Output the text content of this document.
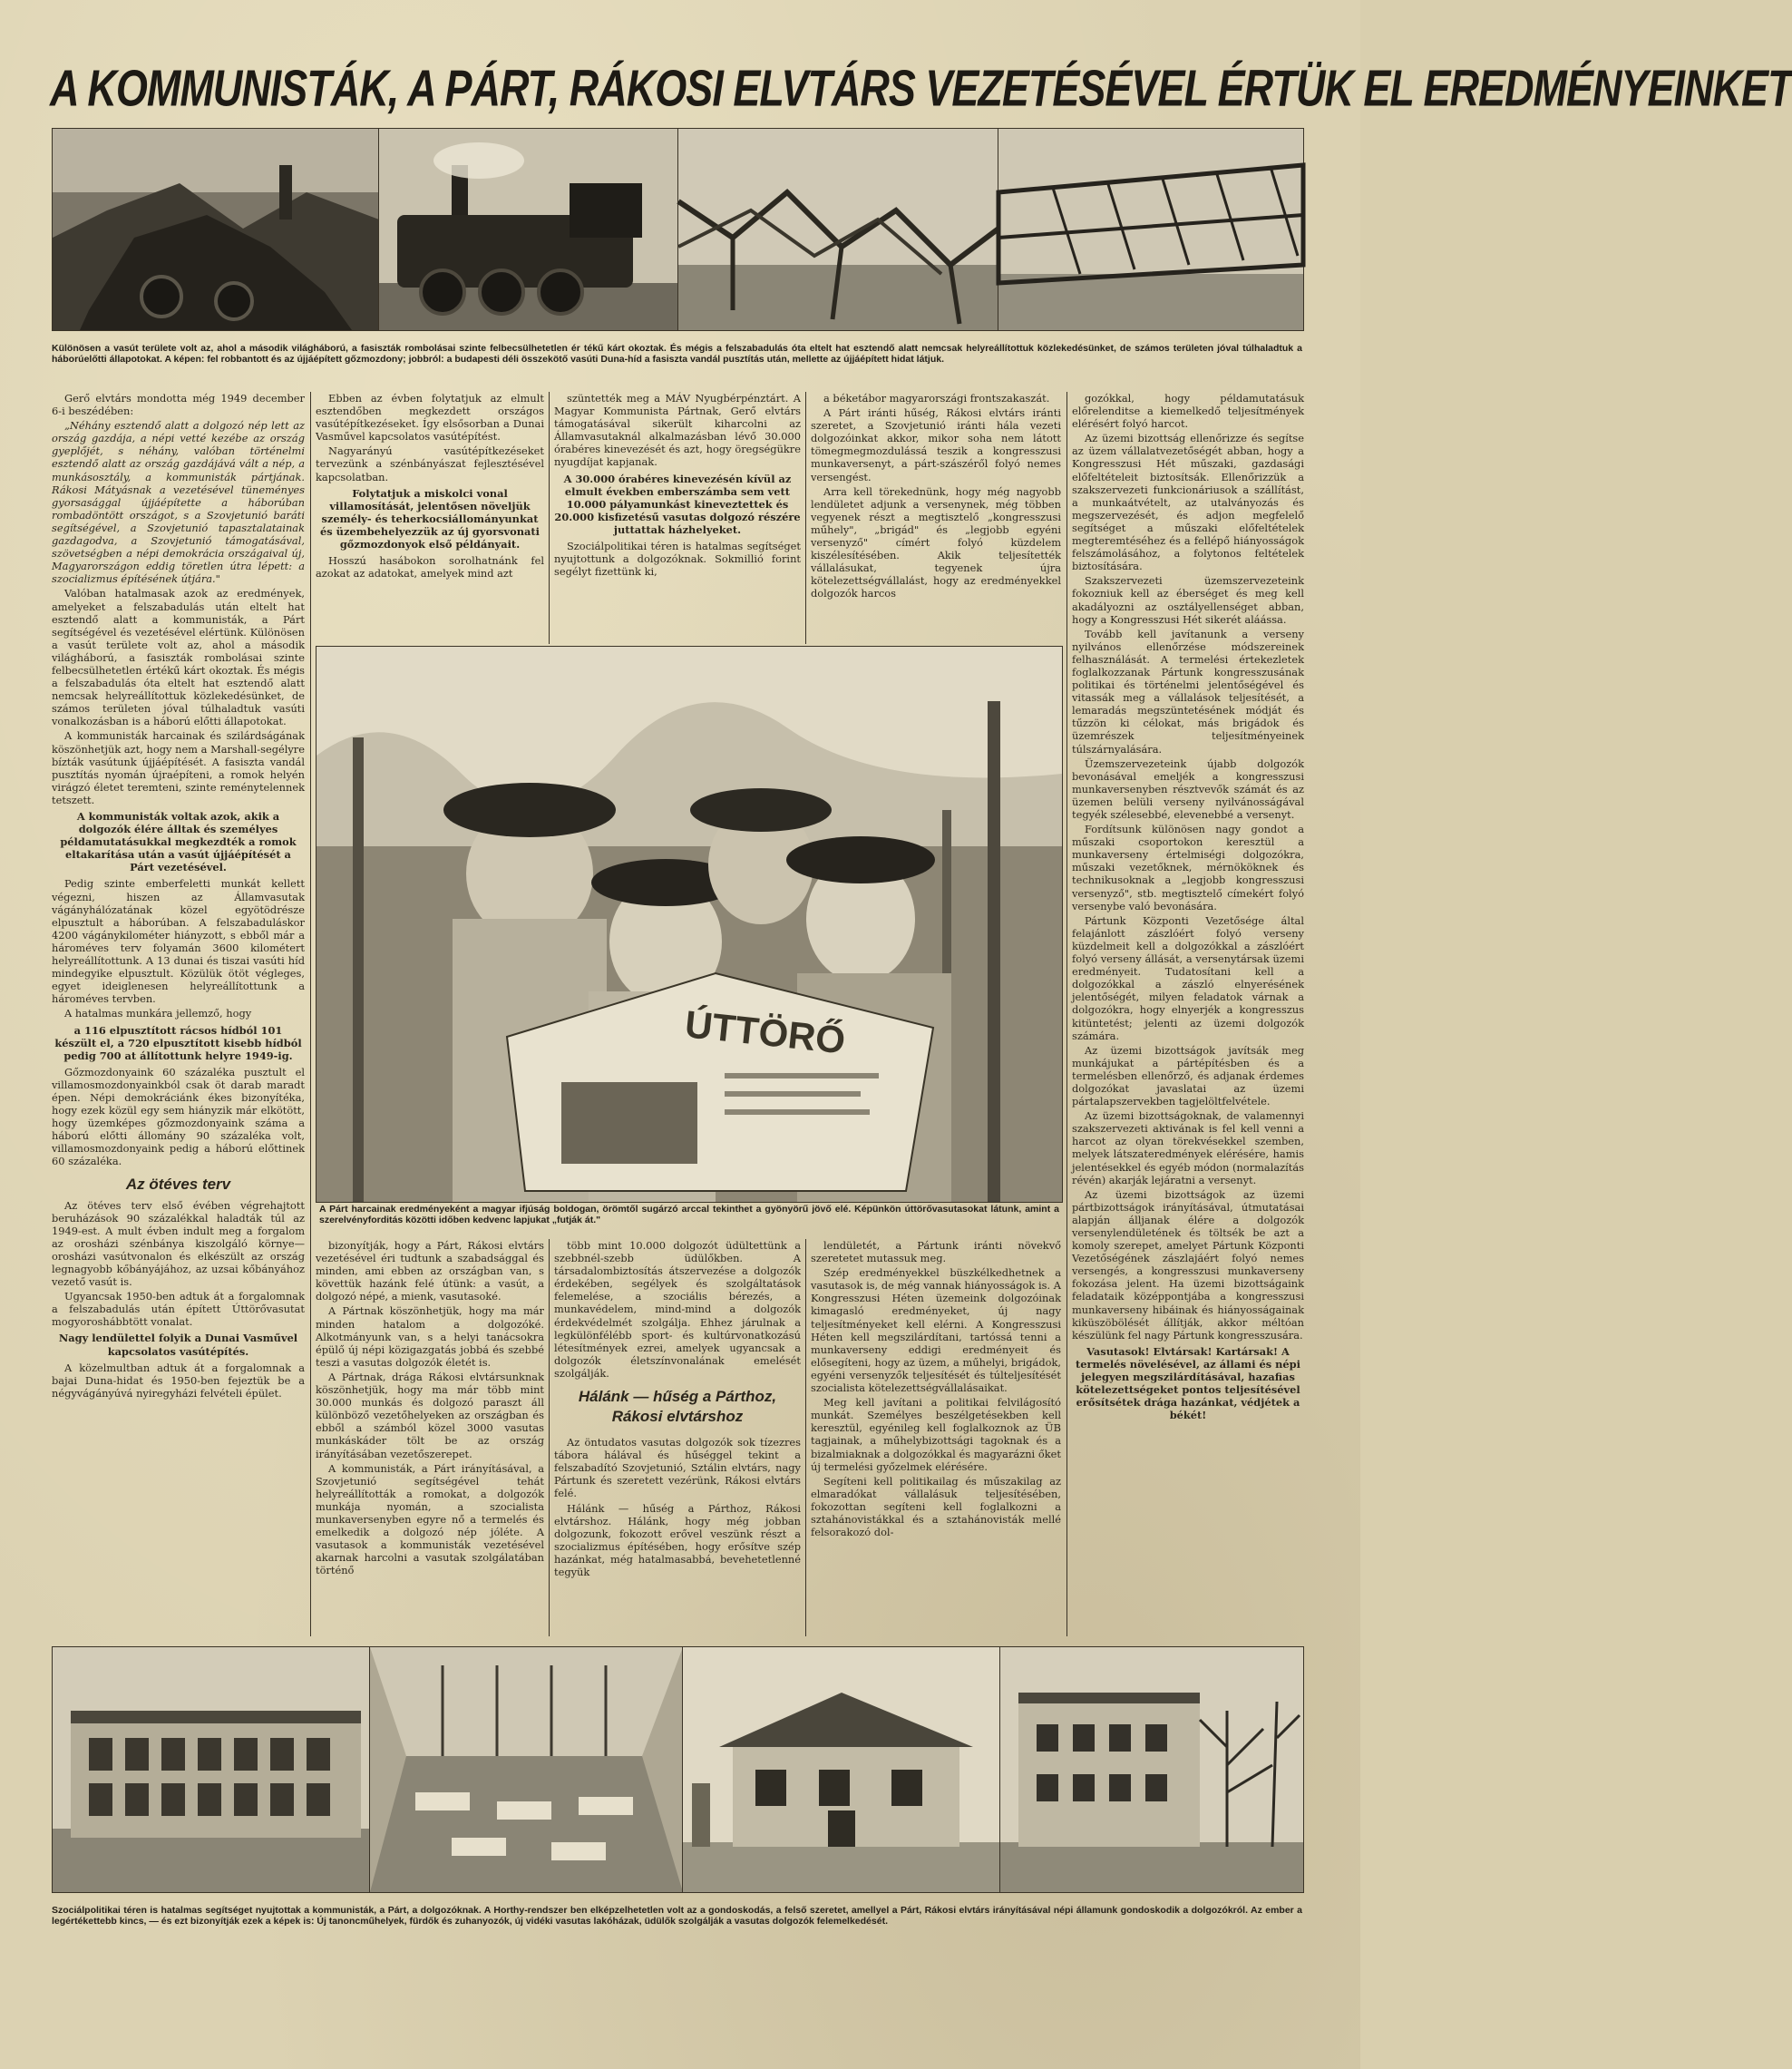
A KOMMUNISTÁK, A PÁRT, RÁKOSI ELVTÁRS VEZETÉSÉVEL ÉRTÜK EL EREDMÉNYEINKET
Különösen a vasút területe volt az, ahol a második világháború, a fasiszták rombolásai szinte felbecsülhetetlen ér tékű kárt okoztak. És mégis a felszabadulás óta eltelt hat esztendő alatt nemcsak helyreállítottuk közlekedésünket, de számos területen jóval túlhaladtuk a háborúelőtti állapotokat. A képen: fel robbantott és az újjáépített gőzmozdony; jobbról: a budapesti déli összekötő vasúti Duna-híd a fasiszta vandál pusztítás után, mellette az újjáépített hidat látjuk.

Gerő elvtárs mondotta még 1949 december 6-i beszédében:

„Néhány esztendő alatt a dolgozó nép lett az ország gazdája, a népi vetté kezébe az ország gyeplőjét, s néhány, valóban történelmi esztendő alatt az ország gazdájává vált a nép, a munkásosztály, a kommunisták pártjának. Rákosi Mátyásnak a vezetésével tüneményes gyorsasággal újjáépítette a háborúban rombadöntött országot, s a Szovjetunió baráti segítségével, a Szovjetunió tapasztalatainak gazdagodva, a Szovjetunió támogatásával, szövetségben a népi demokrácia országaival új, Magyarországon eddig töretlen útra lépett: a szocializmus építésének útjára."

Valóban hatalmasak azok az eredmények, amelyeket a felszabadulás után eltelt hat esztendő alatt a kommunisták, a Párt segítségével és vezetésével elértünk. Különösen a vasút területe volt az, ahol a második világháború, a fasiszták rombolásai szinte felbecsülhetetlen értékű kárt okoztak. És mégis a felszabadulás óta eltelt hat esztendő alatt nemcsak helyreállítottuk közlekedésünket, de számos területen jóval túlhaladtuk vasúti vonalkozásban is a háború előtti állapotokat.

A kommunisták harcainak és szilárdságának köszönhetjük azt, hogy nem a Marshall-segélyre bízták vasútunk újjáépítését. A fasiszta vandál pusztítás nyomán újraépíteni, a romok helyén virágzó életet teremteni, szinte reménytelennek tetszett.

A kommunisták voltak azok, akik a dolgozók élére álltak és személyes példamutatásukkal megkezdték a romok eltakarítása után a vasút újjáépítését a Párt vezetésével.

Pedig szinte emberfeletti munkát kellett végezni, hiszen az Államvasutak vágányhálózatának közel egyötödrésze elpusztult a háborúban. A felszabaduláskor 4200 vágánykilométer hiányzott, s ebből már a hároméves terv folyamán 3600 kilométert helyreállítottunk. A 13 dunai és tiszai vasúti híd mindegyike elpusztult. Közülük ötöt végleges, egyet ideiglenesen helyreállítottunk a hároméves tervben.

A hatalmas munkára jellemző, hogy

a 116 elpusztított rácsos hídból 101 készült el, a 720 elpusztított kisebb hídból pedig 700 at állítottunk helyre 1949-ig.

Gőzmozdonyaink 60 százaléka pusztult el villamosmozdonyainkból csak öt darab maradt épen. Népi demokráciánk ékes bizonyítéka, hogy ezek közül egy sem hiányzik már elkötött, hogy üzemképes gőzmozdonyaink száma a háború előtti állomány 90 százaléka volt, villamosmozdonyaink pedig a háború előttinek 60 százaléka.

Az ötéves terv

Az ötéves terv első évében végrehajtott beruházások 90 százalékkal haladták túl az 1949-est. A mult évben indult meg a forgalom az orosházi szénbánya kiszolgáló környe—orosházi vasútvonalon és elkészült az ország legnagyobb kőbányájához, az uzsai kőbányához vezető vasút is.

Ugyancsak 1950-ben adtuk át a forgalomnak a felszabadulás után épített Úttörővasutat mogyoroshábbtött vonalat.

Nagy lendülettel folyik a Dunai Vasművel kapcsolatos vasútépítés.

A közelmultban adtuk át a forgalomnak a bajai Duna-hidat és 1950-ben fejeztük be a négyvágányúvá nyiregyházi felvételi épület.

Ebben az évben folytatjuk az elmult esztendőben megkezdett országos vasútépítkezéseket. Így elsősorban a Dunai Vasművel kapcsolatos vasútépítést.

Nagyarányú vasútépítkezéseket tervezünk a szénbányászat fejlesztésével kapcsolatban.

Folytatjuk a miskolci vonal villamosítását, jelentősen növeljük személy- és teherkocsiállományunkat és üzembehelyezzük az új gyorsvonati gőzmozdonyok első példányait.

Hosszú hasábokon sorolhatnánk fel azokat az adatokat, amelyek mind azt

szüntették meg a MÁV Nyugbérpénztárt. A Magyar Kommunista Pártnak, Gerő elvtárs támogatásával sikerült kiharcolni az Államvasutaknál alkalmazásban lévő 30.000 órabéres kinevezését és azt, hogy öregségükre nyugdíjat kapjanak.

A 30.000 órabéres kinevezésén kívül az elmult években emberszámba sem vett 10.000 pályamunkást kineveztettek és 20.000 kisfizetésű vasutas dolgozó részére juttattak házhelyeket.

Szociálpolitikai téren is hatalmas segítséget nyujtottunk a dolgozóknak. Sokmillió forint segélyt fizettünk ki,

a béketábor magyarországi frontszakaszát.

A Párt iránti hűség, Rákosi elvtárs iránti szeretet, a Szovjetunió iránti hála vezeti dolgozóinkat akkor, mikor soha nem látott tömegmegmozdulássá teszik a kongresszusi munkaversenyt, a párt-szászéről folyó nemes versengést.

Arra kell törekednünk, hogy még nagyobb lendületet adjunk a versenynek, még többen vegyenek részt a megtisztelő „kongresszusi műhely", „brigád" és „legjobb egyéni versenyző" címért folyó küzdelem kiszélesítésében. Akik teljesítették vállalásukat, tegyenek újra kötelezettségvállalást, hogy az eredményekkel dolgozók harcos

gozókkal, hogy példamutatásuk előrelenditse a kiemelkedő teljesítmények elérésért folyó harcot.

Az üzemi bizottság ellenőrizze és segítse az üzem vállalatvezetőségét abban, hogy a Kongresszusi Hét műszaki, gazdasági előfeltételeit biztosítsák. Ellenőrizzük a szakszervezeti funkcionáriusok a szállítást, a munkaátvételt, az utalványozás és megszervezését, és adjon megfelelő segítséget a műszaki előfeltételek megteremtéséhez és a fellépő hiányosságok felszámolásához, a folytonos feltételek biztosítására.

Szakszervezeti üzemszervezeteink fokozniuk kell az éberséget és meg kell akadályozni az osztályellenséget abban, hogy a Kongresszusi Hét sikerét aláássa.

Tovább kell javítanunk a verseny nyilvános ellenőrzése módszereinek felhasználását. A termelési értekezletek foglalkozzanak Pártunk kongresszusának politikai és történelmi jelentőségével és vitassák meg a vállalások teljesítését, a lemaradás megszüntetésének módját és tűzzön ki célokat, más brigádok és üzemrészek teljesítményeinek túlszárnyalására.

Üzemszervezeteink újabb dolgozók bevonásával emeljék a kongresszusi munkaversenyben résztvevők számát és az üzemen belüli verseny nyilvánosságával tegyék szélesebbé, elevenebbé a versenyt.

Fordítsunk különösen nagy gondot a műszaki csoportokon keresztül a munkaverseny értelmiségi dolgozókra, műszaki vezetőknek, mérnököknek és technikusoknak a „legjobb kongresszusi versenyző", stb. megtisztelő címekért folyó versenybe való bevonására.

Pártunk Központi Vezetősége által felajánlott zászlóért folyó verseny küzdelmeit kell a dolgozókkal a zászlóért folyó verseny állását, a versenytársak üzemi eredményeit. Tudatosítani kell a dolgozókkal a zászló elnyerésének jelentőségét, milyen feladatok várnak a dolgozókra, hogy elnyerjék a kongresszus kitüntetést; jelenti az üzemi dolgozók számára.

Az üzemi bizottságok javítsák meg munkájukat a pártépítésben és a termelésben ellenőrző, és adjanak érdemes dolgozókat javaslatai az üzemi pártalapszervekben tagjelöltfelvétele.

Az üzemi bizottságoknak, de valamennyi szakszervezeti aktivának is fel kell venni a harcot az olyan törekvésekkel szemben, melyek látszateredmények elérésére, hamis jelentésekkel és egyéb módon (normalazítás révén) akarják lejáratni a versenyt.

Az üzemi bizottságok az üzemi pártbizottságok irányításával, útmutatásai alapján álljanak élére a dolgozók versenylendületének és töltsék be azt a komoly szerepet, amelyet Pártunk Központi Vezetőségének zászlajáért folyó nemes versengés, a kongresszusi munkaverseny fokozása jelent. Ha üzemi bizottságaink feladataik középpontjába a kongresszusi munkaverseny hibáinak és hiányosságainak kiküszöbölését állítják, akkor méltóan készülünk fel nagy Pártunk kongresszusára.

Vasutasok! Elvtársak! Kartársak! A termelés növelésével, az állami és népi jelegyen megszilárdításával, hazafias kötelezettségeket pontos teljesítésével erősítsétek drága hazánkat, védjétek a békét!

ÚTTÖRŐ
A Párt harcainak eredményeként a magyar ifjúság boldogan, örömtől sugárzó arccal tekinthet a gyönyörű jövő elé. Képünkön úttörővasutasokat látunk, amint a szerelvényforditás közötti időben kedvenc lapjukat „futják át."

bizonyítják, hogy a Párt, Rákosi elvtárs vezetésével éri tudtunk a szabadsággal és minden, ami ebben az országban van, s követtük hazánk felé útünk: a vasút, a dolgozó népé, a mienk, vasutasoké.

A Pártnak köszönhetjük, hogy ma már minden hatalom a dolgozóké. Alkotmányunk van, s a helyi tanácsokra épülő új népi közigazgatás jobbá és szebbé teszi a vasutas dolgozók életét is.

A Pártnak, drága Rákosi elvtársunknak köszönhetjük, hogy ma már több mint 30.000 munkás és dolgozó paraszt áll különböző vezetőhelyeken az országban és ebből a számból közel 3000 vasutas munkáskáder tölt be az ország irányításában vezetőszerepet.

A kommunisták, a Párt irányításával, a Szovjetunió segítségével tehát helyreállították a romokat, a dolgozók munkája nyomán, a szocialista munkaversenyben egyre nő a termelés és emelkedik a dolgozó nép jóléte. A vasutasok a kommunisták vezetésével akarnak harcolni a vasutak szolgálatában történő

több mint 10.000 dolgozót üdültettünk a szebbnél-szebb üdülőkben. A társadalombiztosítás átszervezése a dolgozók érdekében, segélyek és szolgáltatások felemelése, a szociális bérezés, a munkavédelem, mind-mind a dolgozók érdekvédelmét szolgálja. Ehhez járulnak a legkülönfélébb sport- és kultúrvonatkozású létesítmények ezrei, amelyek ugyancsak a dolgozók életszínvonalának emelését szolgálják.

Hálánk — hűség a Párthoz, Rákosi elvtárshoz

Az öntudatos vasutas dolgozók sok tízezres tábora hálával és hűséggel tekint a felszabadító Szovjetunió, Sztálin elvtárs, nagy Pártunk és szeretett vezérünk, Rákosi elvtárs felé.

Hálánk — hűség a Párthoz, Rákosi elvtárshoz. Hálánk, hogy még jobban dolgozunk, fokozott erővel veszünk részt a szocializmus építésében, hogy erősítve szép hazánkat, még hatalmasabbá, bevehetetlenné tegyük

lendületét, a Pártunk iránti növekvő szeretetet mutassuk meg.

Szép eredményekkel büszkélkedhetnek a vasutasok is, de még vannak hiányosságok is. A Kongresszusi Héten üzemeink dolgozóinak kimagasló eredményeket, új nagy teljesítményeket kell elérni. A Kongresszusi Héten kell megszilárdítani, tartóssá tenni a munkaverseny eddigi eredményeit és elősegíteni, hogy az üzem, a műhelyi, brigádok, egyéni versenyzők teljesítését és túlteljesítését szocialista kötelezettségvállalásaikat.

Meg kell javítani a politikai felvilágosító munkát. Személyes beszélgetésekben kell keresztül, egyénileg kell foglalkoznok az ÜB tagjainak, a műhelybizottsági tagoknak és a bizalmiaknak a dolgozókkal és magyarázni őket új termelési győzelmek elérésére.

Segíteni kell politikailag és műszakilag az elmaradókat vállalásuk teljesítésében, fokozottan segíteni kell foglalkozni a sztahánovistákkal és a sztahánovisták mellé felsorakozó dol-

Szociálpolitikai téren is hatalmas segítséget nyujtottak a kommunisták, a Párt, a dolgozóknak. A Horthy-rendszer ben elképzelhetetlen volt az a gondoskodás, a felső szeretet, amellyel a Párt, Rákosi elvtárs irányításával népi államunk gondoskodik a dolgozókról. Az ember a legértékettebb kincs, — és ezt bizonyítják ezek a képek is: Új tanoncműhelyek, fürdők és zuhanyozók, új vidéki vasutas lakóházak, üdülők szolgálják a vasutas dolgozók felemelkedését.
